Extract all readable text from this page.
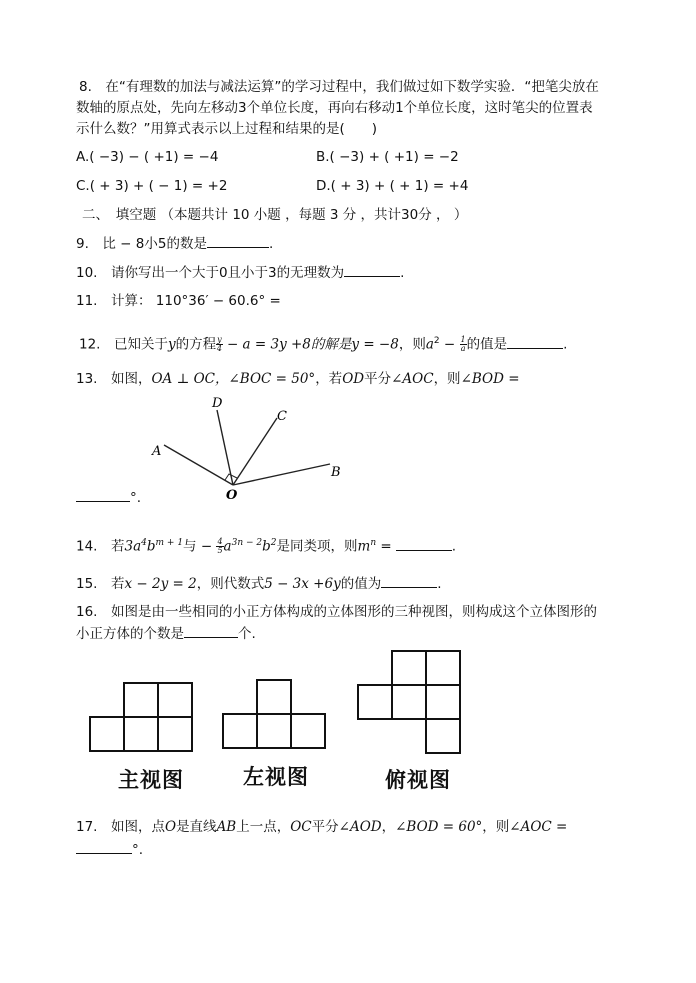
8.　在“有理数的加法与减法运算”的学习过程中，我们做过如下数学实验．“把笔尖放在
数轴的原点处，先向左移动3个单位长度，再向右移动1个单位长度，这时笔尖的位置表
示什么数？”用算式表示以上过程和结果的是(　　)
A.( −3) − ( +1) = −4	B.( −3) + ( +1) = −2
C.( + 3) + ( − 1) = +2	D.( + 3) + ( + 1) = +4
二、　填空题 （本题共计 10 小题 ，每题 3 分 ，共计30分 ， ）
9.　比 − 8小5的数是	.
10.　请你写出一个大于0且小于3的无理数为	.
11.　计算： 110°36′ − 60.6° =
12.　已知关于y的方程 $\frac{y}{4} - a = 3y +8$的解是y = −8，则$a^2 - \frac{1}{a}$ 的值是	.
13.　如图，OA ⊥ OC，∠BOC = 50°，若OD平分∠AOC，则∠BOD =
A
D
C
B
O
°.
14.　若$3a^4b^{m + 1}$与 − $\frac{4}{5} a^{3n - 2}b^2$是同类项，则$m^n$ =	.
15.　若x − 2y = 2，则代数式5 − 3x +6y的值为	.
16.　如图是由一些相同的小正方体构成的立体图形的三种视图，则构成这个立体图形的
小正方体的个数是	个.
主视图	左视图	俯视图
17.　如图，点O是直线AB上一点，OC平分∠AOD，∠BOD = 60°，则∠AOC =
°.
